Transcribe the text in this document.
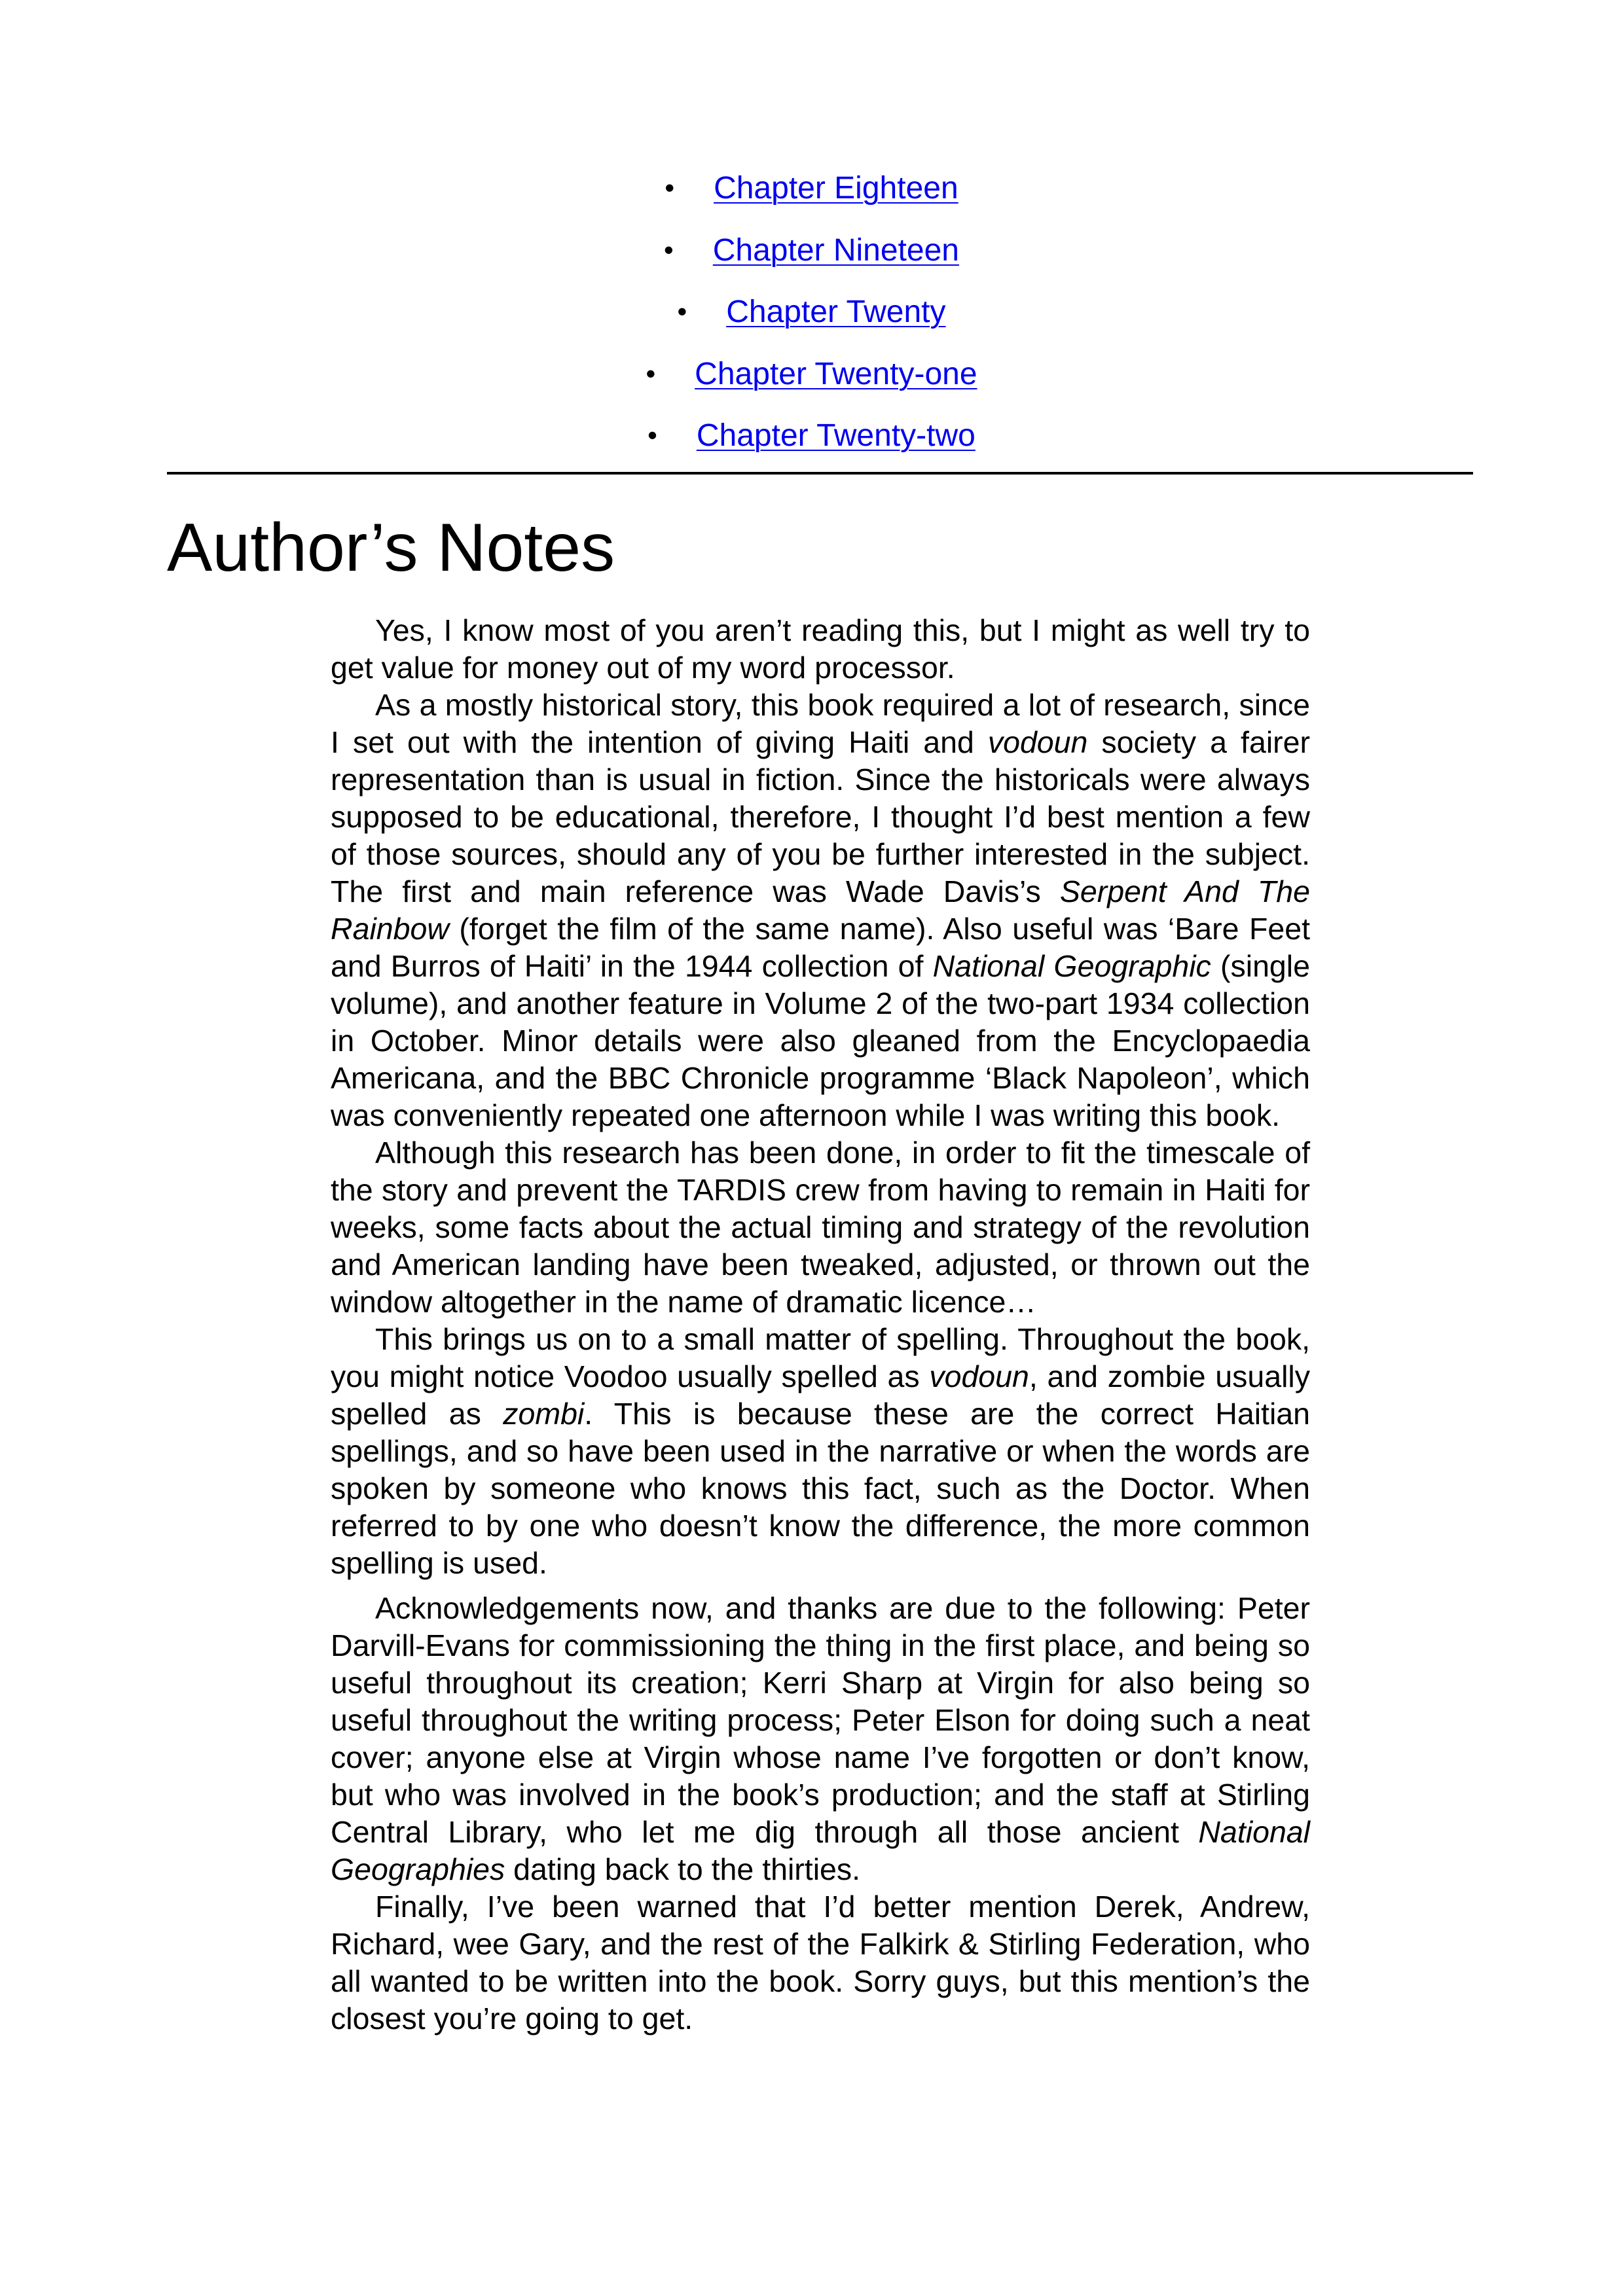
• Chapter Eighteen
• Chapter Nineteen
• Chapter Twenty
• Chapter Twenty-one
• Chapter Twenty-two
Author’s Notes

Yes, I know most of you aren’t reading this, but I might as well try to get value for money out of my word processor.

As a mostly historical story, this book required a lot of research, since I set out with the intention of giving Haiti and vodoun society a fairer representation than is usual in fiction. Since the historicals were always supposed to be educational, therefore, I thought I’d best mention a few of those sources, should any of you be further interested in the subject. The first and main reference was Wade Davis’s Serpent And The Rainbow (forget the film of the same name). Also useful was ‘Bare Feet and Burros of Haiti’ in the 1944 collection of National Geographic (single volume), and another feature in Volume 2 of the two-part 1934 collection in October. Minor details were also gleaned from the Encyclopaedia Americana, and the BBC Chronicle programme ‘Black Napoleon’, which was conveniently repeated one afternoon while I was writing this book.

Although this research has been done, in order to fit the timescale of the story and prevent the TARDIS crew from having to remain in Haiti for weeks, some facts about the actual timing and strategy of the revolution and American landing have been tweaked, adjusted, or thrown out the window altogether in the name of dramatic licence…

This brings us on to a small matter of spelling. Throughout the book, you might notice Voodoo usually spelled as vodoun, and zombie usually spelled as zombi. This is because these are the correct Haitian spellings, and so have been used in the narrative or when the words are spoken by someone who knows this fact, such as the Doctor. When referred to by one who doesn’t know the difference, the more common spelling is used.

Acknowledgements now, and thanks are due to the following: Peter Darvill-Evans for commissioning the thing in the first place, and being so useful throughout its creation; Kerri Sharp at Virgin for also being so useful throughout the writing process; Peter Elson for doing such a neat cover; anyone else at Virgin whose name I’ve forgotten or don’t know, but who was involved in the book’s production; and the staff at Stirling Central Library, who let me dig through all those ancient National Geographies dating back to the thirties.

Finally, I’ve been warned that I’d better mention Derek, Andrew, Richard, wee Gary, and the rest of the Falkirk & Stirling Federation, who all wanted to be written into the book. Sorry guys, but this mention’s the closest you’re going to get.
